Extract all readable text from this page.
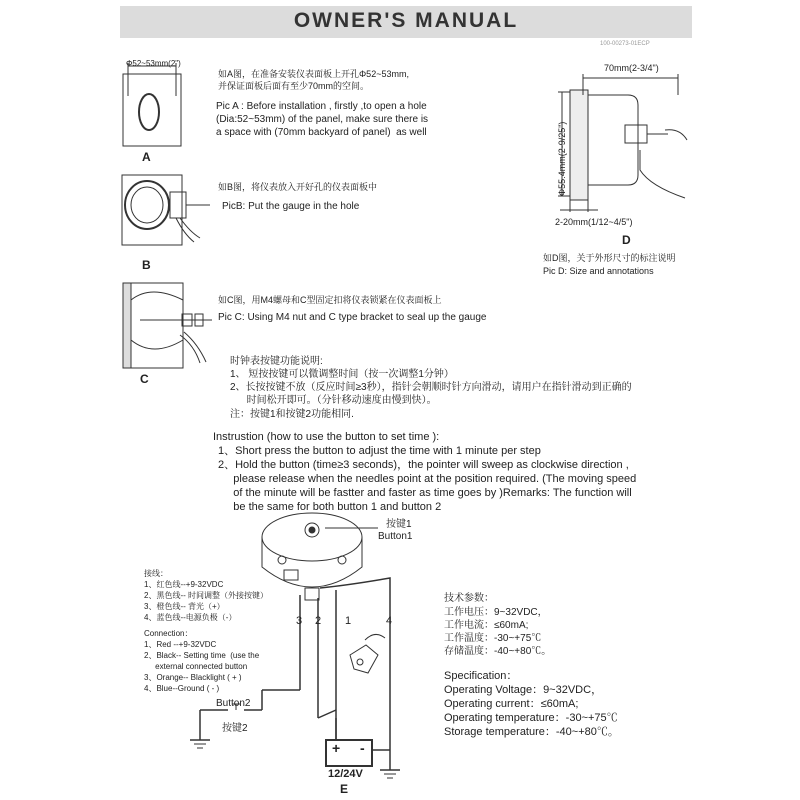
OWNER'S MANUAL
100-00273-01ECP
Φ52~53mm(2")
A
如A图，在准备安装仪表面板上开孔Φ52~53mm,
并保证面板后面有至少70mm的空间。
Pic A : Before installation , firstly ,to open a hole
(Dia:52~53mm) of the panel, make sure there is
a space with (70mm backyard of panel)  as well
B
如B图，将仪表放入开好孔的仪表面板中
PicB: Put the gauge in the hole
C
如C图，用M4螺母和C型固定扣将仪表锁紧在仪表面板上
Pic C: Using M4 nut and C type bracket to seal up the gauge
70mm(2-3/4")
Φ55.4mm(2-9/25")
2-20mm(1/12~4/5")
D
如D图，关于外形尺寸的标注说明
Pic D: Size and annotations
时钟表按键功能说明:
1、 短按按键可以微调整时间（按一次调整1分钟）
2、长按按键不放（反应时间≥3秒），指针会朝顺时针方向滑动，请用户在指针滑动到正确的
时间松开即可。（分针移动速度由慢到快）。
注：按键1和按键2功能相同.
Instrustion (how to use the button to set time ):
1、Short press the button to adjust the time with 1 minute per step
2、Hold the button (time≥3 seconds)，the pointer will sweep as clockwise direction ,
please release when the needles point at the position required. (The moving speed
of the minute will be fastter and faster as time goes by )Remarks: The function will
be the same for both button 1 and button 2
按键1
Button1
3 2 1	4
接线：
1、红色线--+9-32VDC
2、黑色线-- 时间调整（外接按键）
3、橙色线-- 背光（+）
4、蓝色线--电源负极（-）
Connection：
1、Red --+9-32VDC
2、Black-- Setting time  (use the
external connected button
3、Orange-- Blacklight ( + )
4、Blue--Ground ( - )
Button2
按键2
+ -
12/24V
E
技术参数：
工作电压：9~32VDC，
工作电流：≤60mA;
工作温度：-30~+75℃
存储温度：-40~+80℃。
Specification：
Operating Voltage：9~32VDC，
Operating current：≤60mA;
Operating temperature：-30~+75℃
Storage temperature：-40~+80℃。
